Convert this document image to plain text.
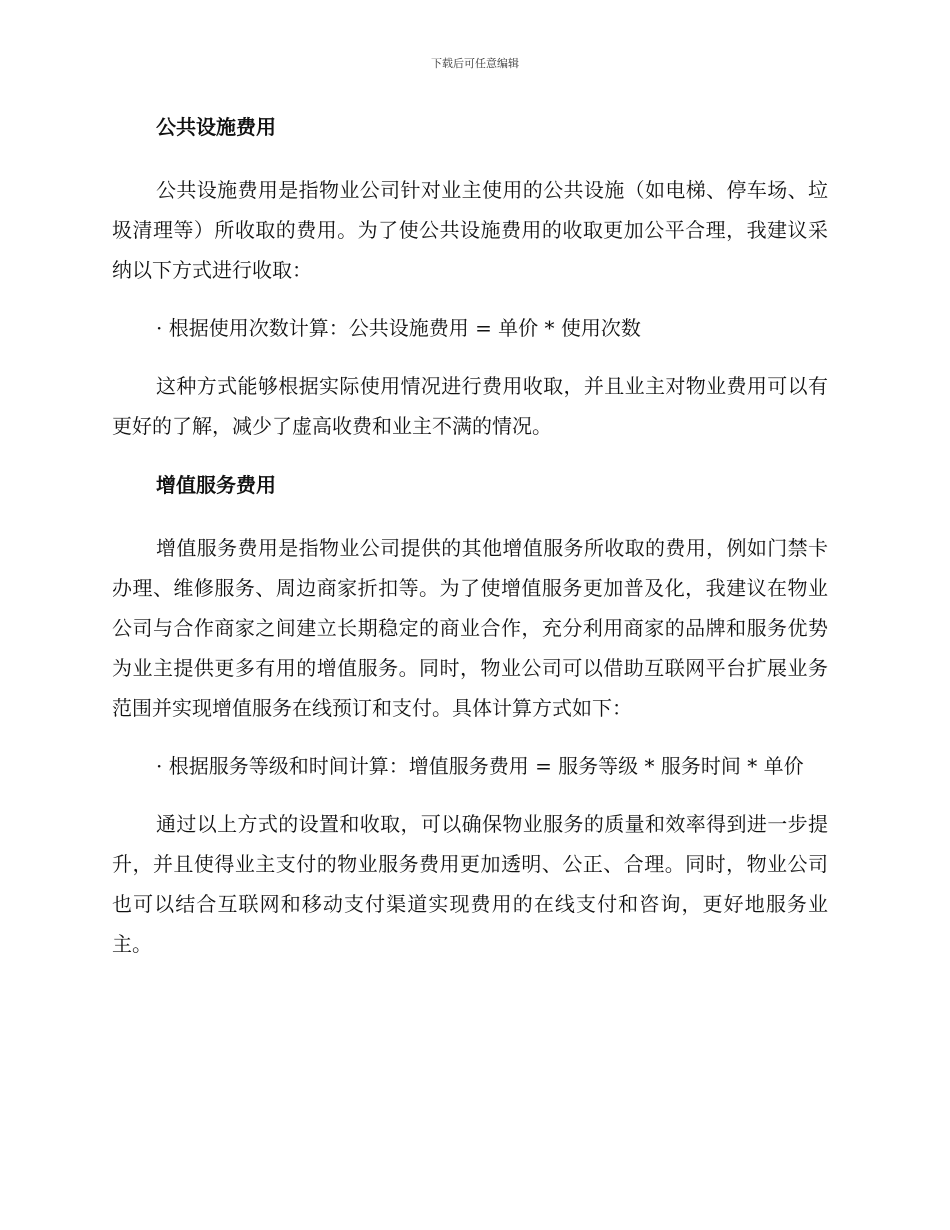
下载后可任意编辑
公共设施费用

公共设施费用是指物业公司针对业主使用的公共设施（如电梯、停车场、垃圾清理等）所收取的费用。为了使公共设施费用的收取更加公平合理，我建议采纳以下方式进行收取：

· 根据使用次数计算：公共设施费用 = 单价 * 使用次数

这种方式能够根据实际使用情况进行费用收取，并且业主对物业费用可以有更好的了解，减少了虚高收费和业主不满的情况。

增值服务费用

增值服务费用是指物业公司提供的其他增值服务所收取的费用，例如门禁卡办理、维修服务、周边商家折扣等。为了使增值服务更加普及化，我建议在物业公司与合作商家之间建立长期稳定的商业合作，充分利用商家的品牌和服务优势为业主提供更多有用的增值服务。同时，物业公司可以借助互联网平台扩展业务范围并实现增值服务在线预订和支付。具体计算方式如下：

· 根据服务等级和时间计算：增值服务费用 = 服务等级 * 服务时间 * 单价

通过以上方式的设置和收取，可以确保物业服务的质量和效率得到进一步提升，并且使得业主支付的物业服务费用更加透明、公正、合理。同时，物业公司也可以结合互联网和移动支付渠道实现费用的在线支付和咨询，更好地服务业主。
